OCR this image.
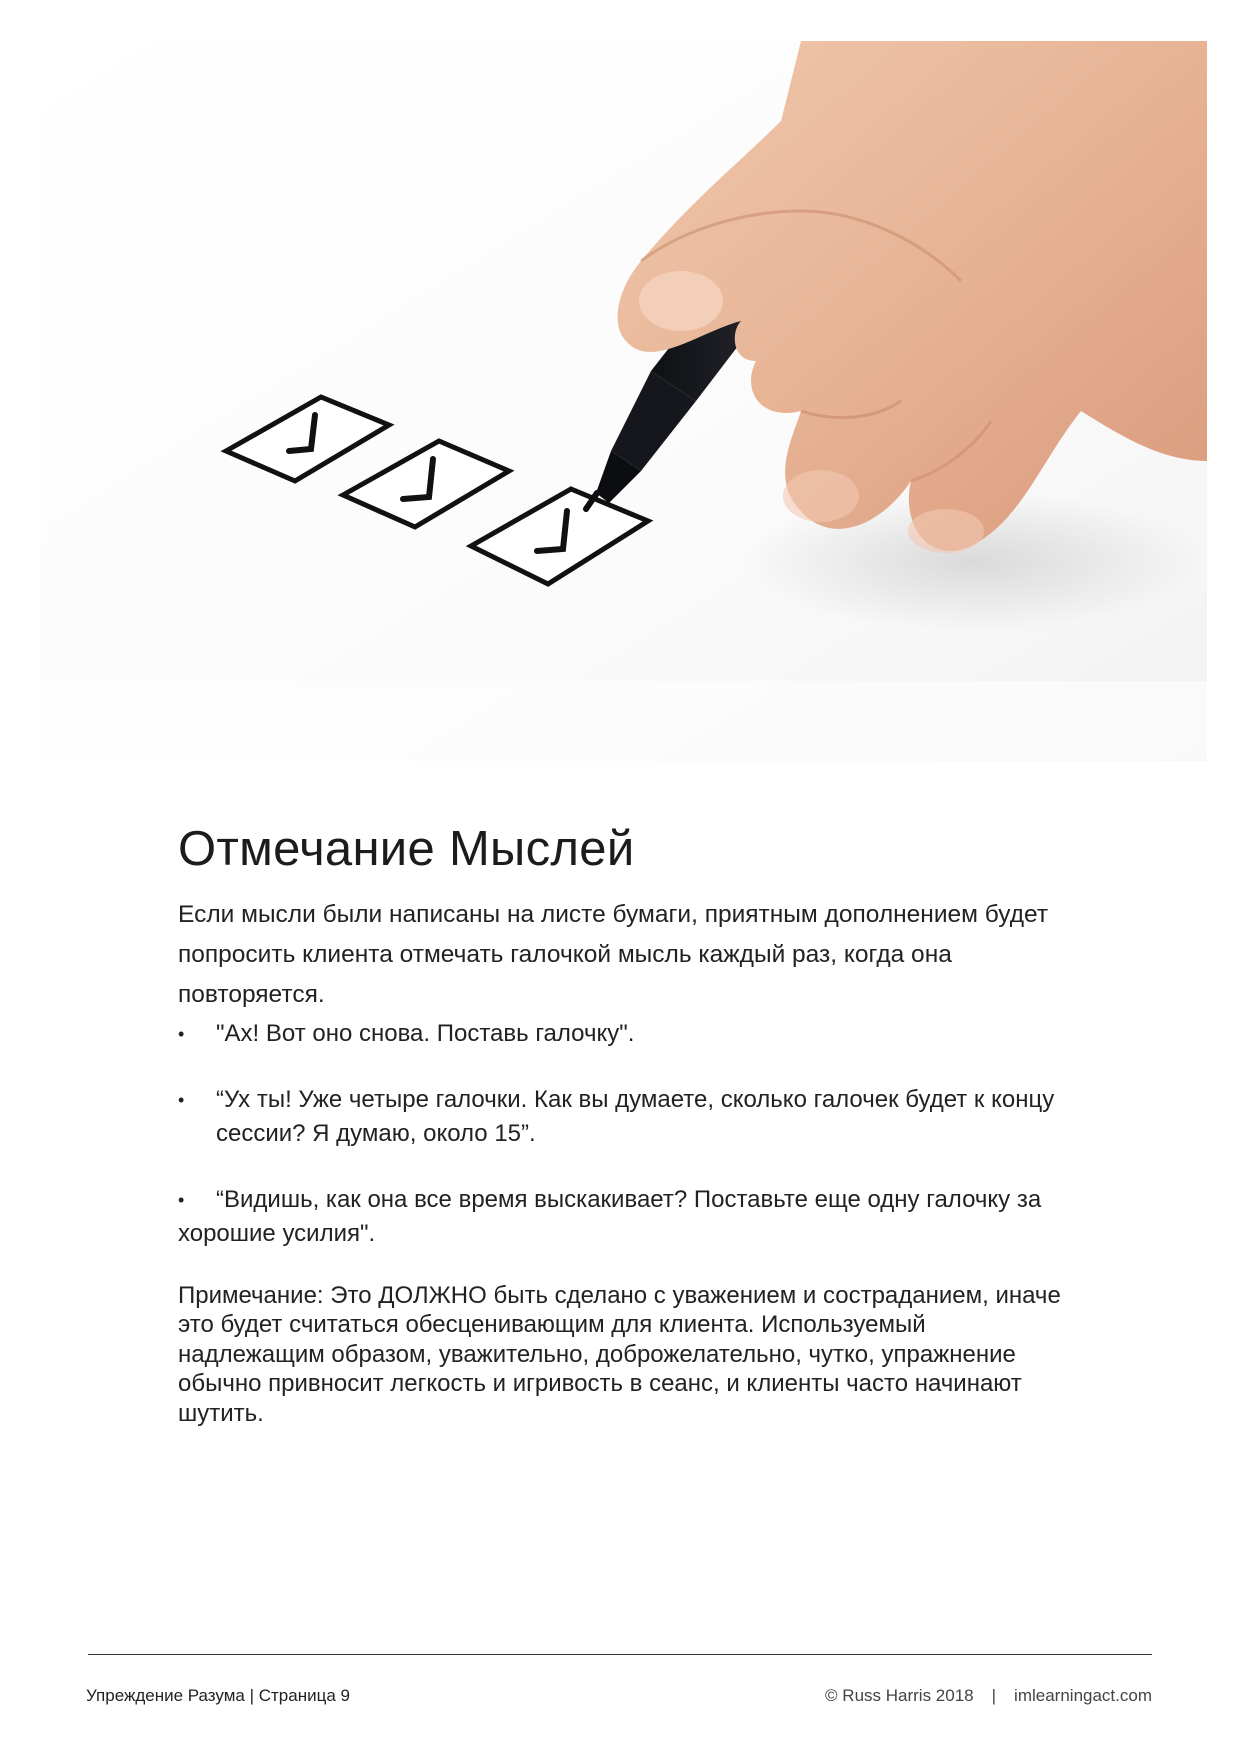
Отмечание Мыслей

Если мысли были написаны на листе бумаги, приятным дополнением будет попросить клиента отмечать галочкой мысль каждый раз, когда она повторяется.

•	"Ах! Вот оно снова. Поставь галочку".
•	“Ух ты! Уже четыре галочки. Как вы думаете, сколько галочек будет к концу сессии? Я думаю, около 15”.
•	“Видишь, как она все время выскакивает? Поставьте еще одну галочку за хорошие усилия".

Примечание: Это ДОЛЖНО быть сделано с уважением и состраданием, иначе это будет считаться обесценивающим для клиента. Используемый надлежащим образом, уважительно, доброжелательно, чутко, упражнение обычно привносит легкость и игривость в сеанс, и клиенты часто начинают шутить.

Упреждение Разума | Страница 9	© Russ Harris 2018 | imlearningact.com
